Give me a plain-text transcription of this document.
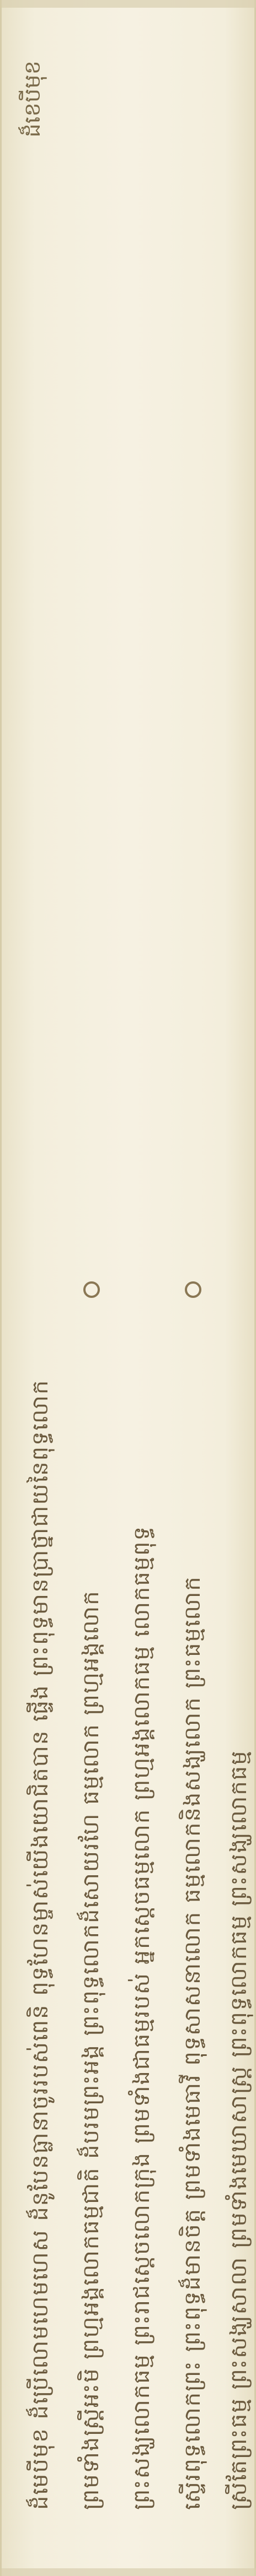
ដ៏ខេបីមុខ
ដ៏មេបីមុខ ដ៏ប្រើលោមហេមហេស ដ៏នូបែនធ្លានាចូររបស់ពេនិ ពុទ្ធហែនម្ចាស់យើងយោជិតបាន ផ្ទើង ព្រះពុទ្ធមានប្រាថ្នាជាយនៃពុទ្ធលោក ព្រមទាំងស្រ្ដីអះមិ ព្រហ្មអង្គលោកធម្មជាតិ ដ៏បរមព្រះអង្គ ព្រះពុទ្ធលោកដ៏សោយរហែ ធម្មលោក ព្រហ្មអង្គលោក ព្រះសង្ឃលោកធម្ម ព្រះរាជស្ដេចលោកក្រុង ព្រមទាំងជាធម្មរបស់ អ្នកស្ដេចធម្មលោក ព្រហ្មអង្គលោកធម្ម លោកធម្មពុទ្ធ ស្ទើរពុទ្ធលោកព្រះ ព្រះពុទ្ធដ៏មានចិត្ត ព្រមទាំងមេធាវី ពុទ្ធសាសនាលោក ធម្មលោកនិងសង្ឃលោក ព្រះធម្មលោក ស្រីតែព្រះធម្ម ព្រះសង្ឃសាលា ព្រមទាំងមេឃាសាស្រ្ត ព្រះពុទ្ធលោកធម្ម ព្រះសង្ឃលោកធម្ម
